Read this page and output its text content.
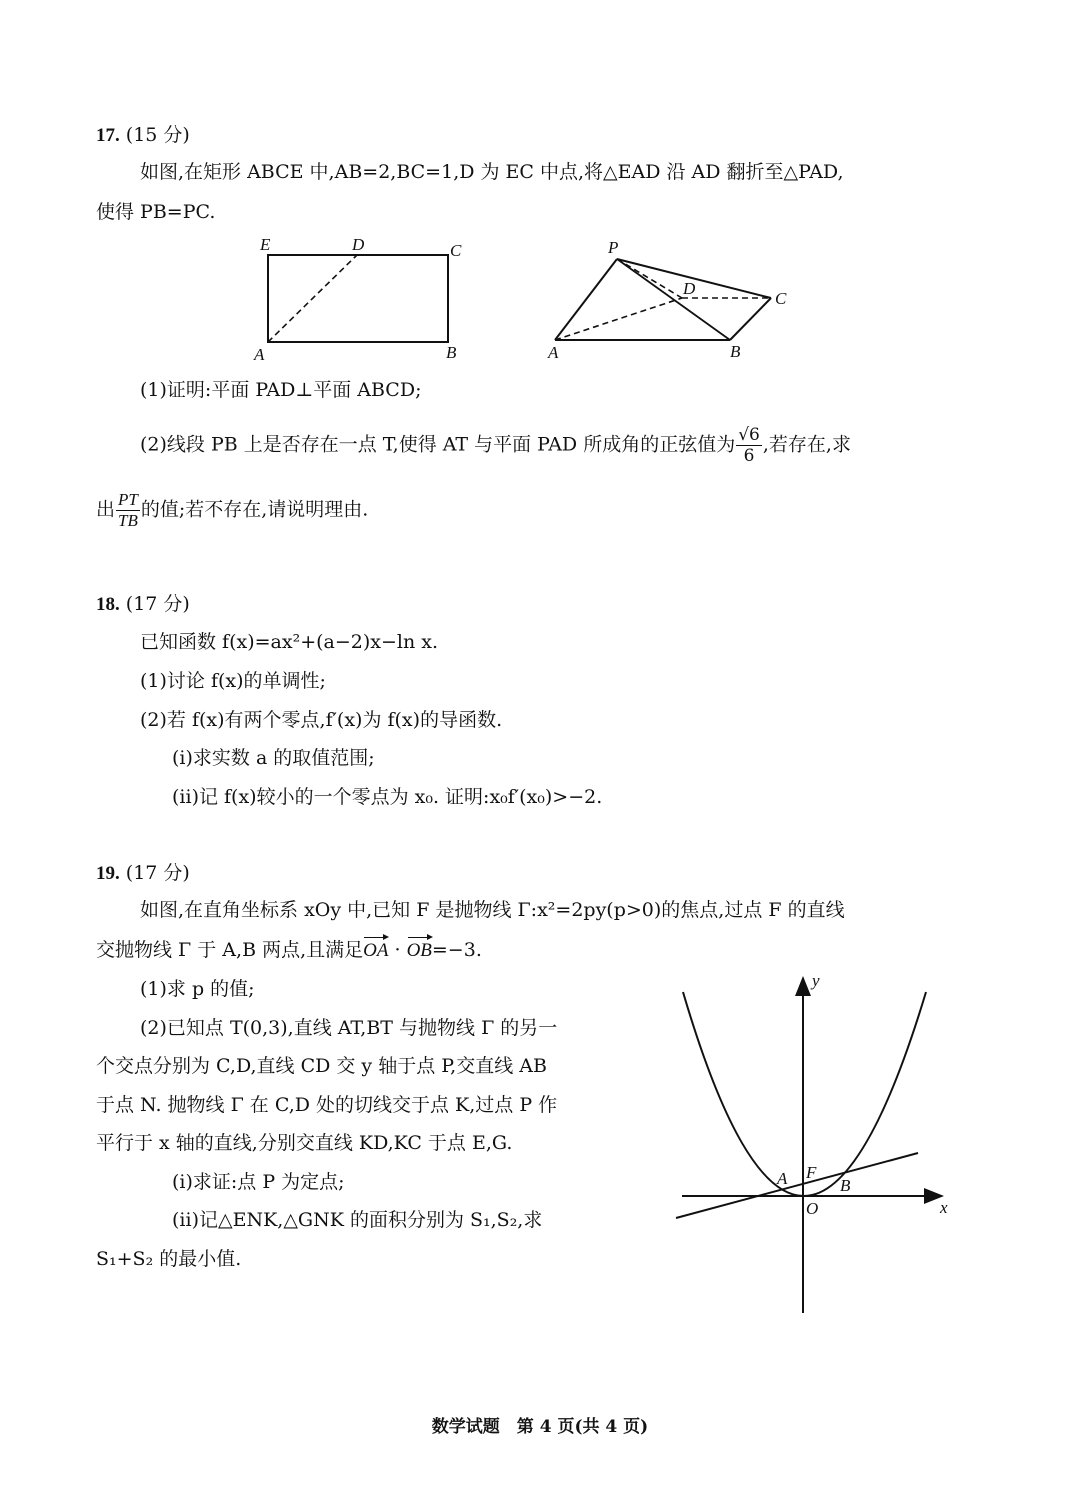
17. (15 分)
如图,在矩形 ABCE 中,AB=2,BC=1,D 为 EC 中点,将△EAD 沿 AD 翻折至△PAD,
使得 PB=PC.
E	D	C
A	B
P
D
C
A	B
(1)证明:平面 PAD⊥平面 ABCD;
(2)线段 PB 上是否存在一点 T,使得 AT 与平面 PAD 所成角的正弦值为 $\frac{√6}{6}$ ,若存在,求
出 $\frac{PT}{TB}$ 的值;若不存在,请说明理由.
18. (17 分)
已知函数 f(x)=ax²+(a−2)x−ln x.
(1)讨论 f(x)的单调性;
(2)若 f(x)有两个零点,f′(x)为 f(x)的导函数.
(i)求实数 a 的取值范围;
(ii)记 f(x)较小的一个零点为 x₀. 证明:x₀f′(x₀)>−2.
19. (17 分)
如图,在直角坐标系 xOy 中,已知 F 是抛物线 Γ:x²=2py(p>0)的焦点,过点 F 的直线
交抛物线 Γ 于 A,B 两点,且满足OA · OB=−3.
(1)求 p 的值;
(2)已知点 T(0,3),直线 AT,BT 与抛物线 Γ 的另一
个交点分别为 C,D,直线 CD 交 y 轴于点 P,交直线 AB
于点 N. 抛物线 Γ 在 C,D 处的切线交于点 K,过点 P 作
平行于 x 轴的直线,分别交直线 KD,KC 于点 E,G.
(i)求证:点 P 为定点;
(ii)记△ENK,△GNK 的面积分别为 S₁,S₂,求
S₁+S₂ 的最小值.
y
x
O
A F
B
数学试题　第 4 页(共 4 页)
